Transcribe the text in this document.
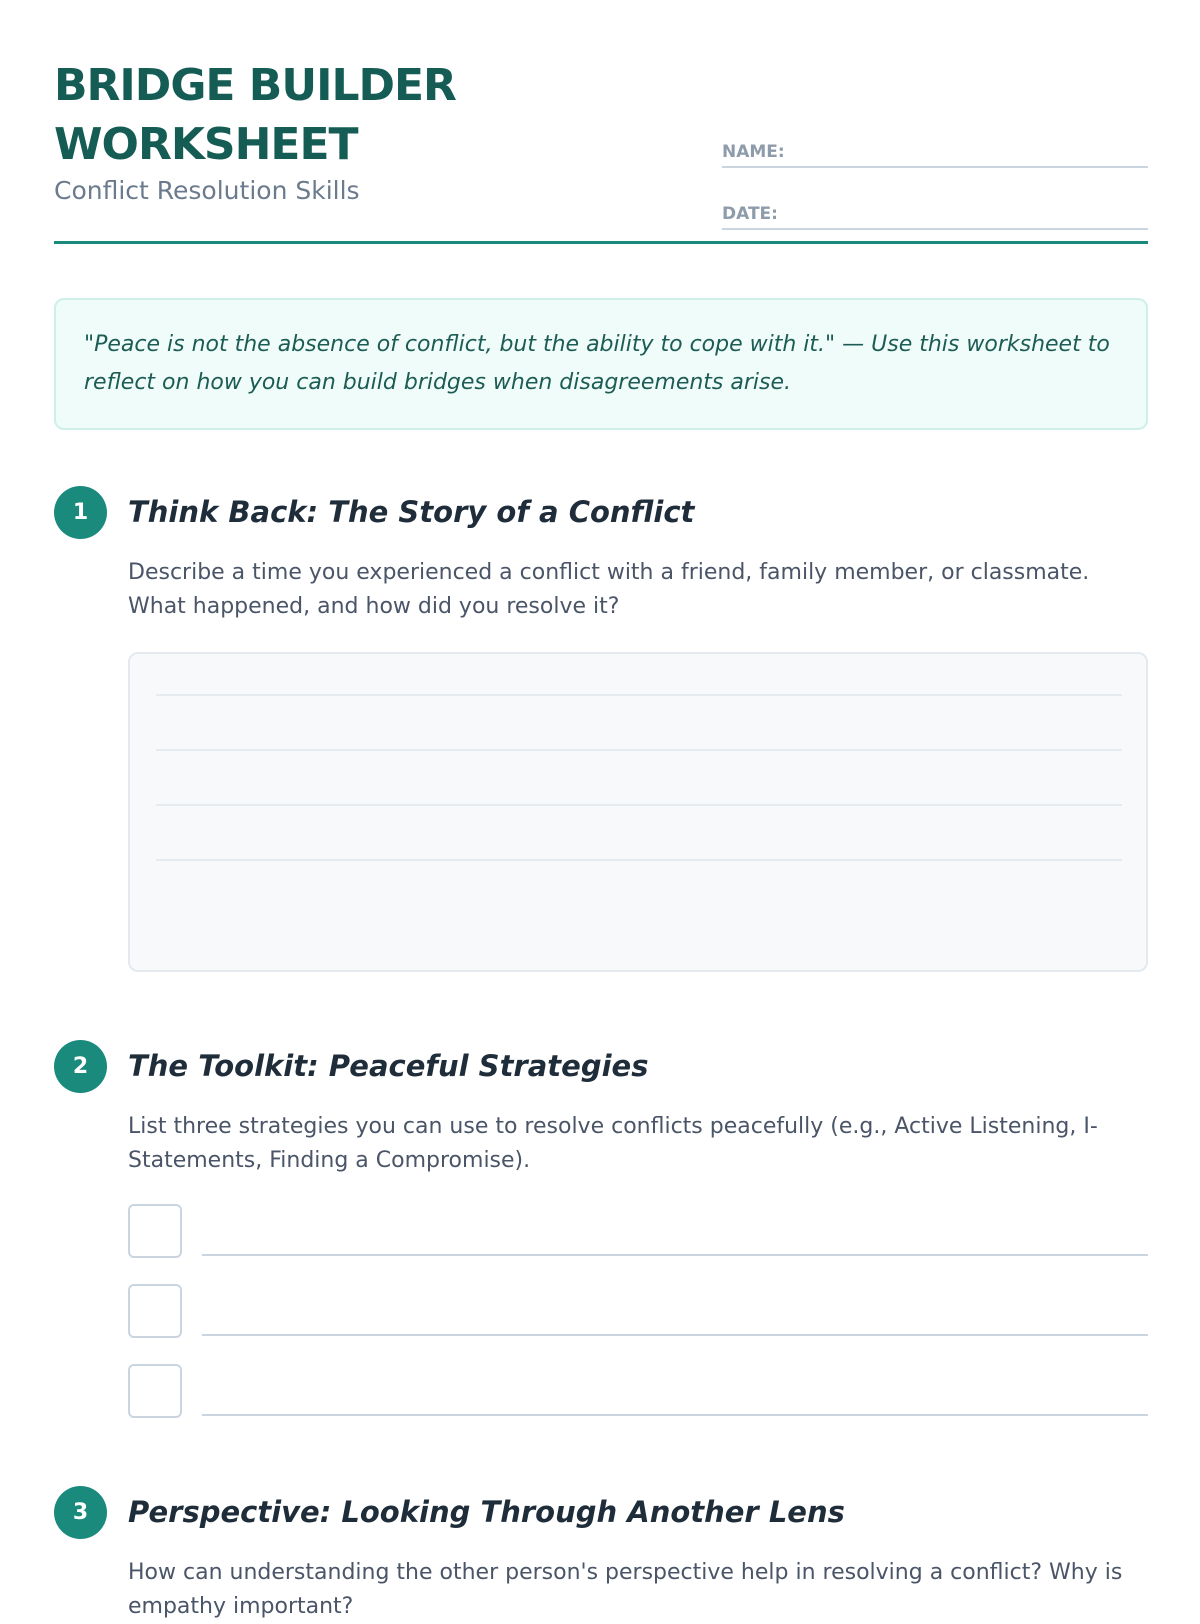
BRIDGE BUILDER
WORKSHEET
Conflict Resolution Skills
NAME:
DATE:
"Peace is not the absence of conflict, but the ability to cope with it." — Use this worksheet to reflect on how you can build bridges when disagreements arise.
1	Think Back: The Story of a Conflict
Describe a time you experienced a conflict with a friend, family member, or classmate. What happened, and how did you resolve it?
2	The Toolkit: Peaceful Strategies
List three strategies you can use to resolve conflicts peacefully (e.g., Active Listening, I-Statements, Finding a Compromise).
3	Perspective: Looking Through Another Lens
How can understanding the other person's perspective help in resolving a conflict? Why is empathy important?
